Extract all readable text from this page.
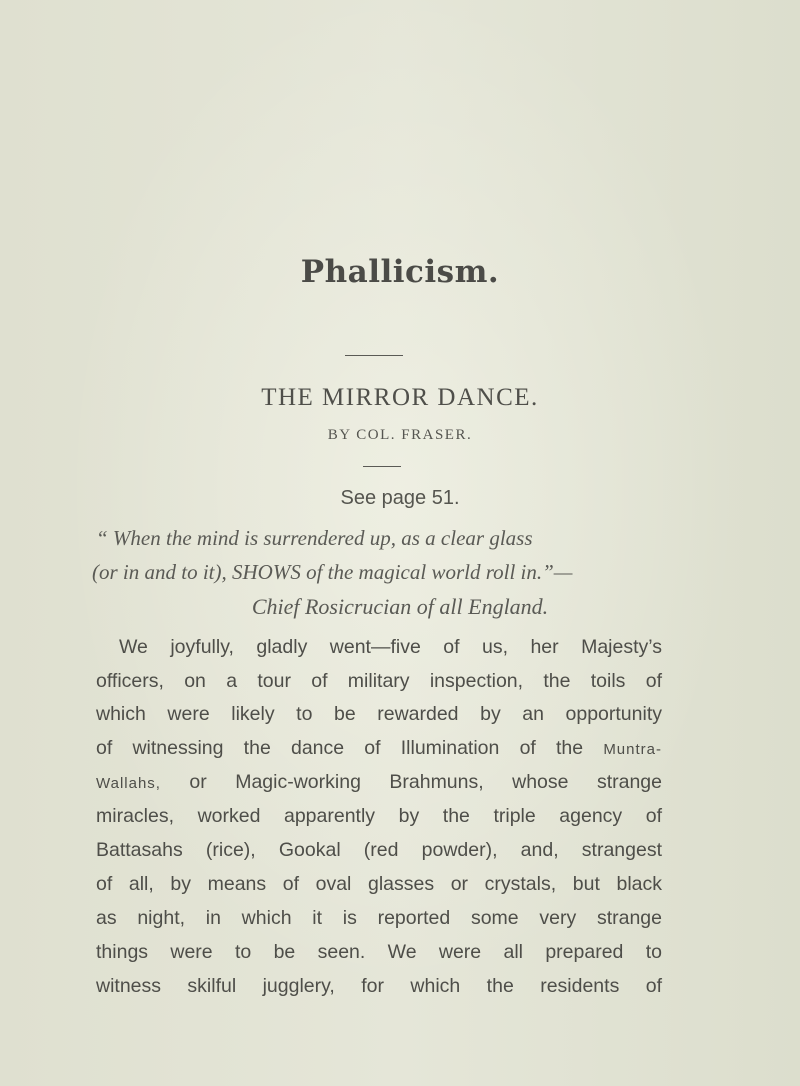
Phallicism.
THE MIRROR DANCE.
BY COL. FRASER.
See page 51.
“ When the mind is surrendered up, as a clear glass
(or in and to it), SHOWS of the magical world roll in.”—
Chief Rosicrucian of all England.
We joyfully, gladly went—five of us, her Majesty’s
officers, on a tour of military inspection, the toils of
which were likely to be rewarded by an opportunity
of witnessing the dance of Illumination of the Muntra-
Wallahs, or Magic-working Brahmuns, whose strange
miracles, worked apparently by the triple agency of
Battasahs (rice), Gookal (red powder), and, strangest
of all, by means of oval glasses or crystals, but black
as night, in which it is reported some very strange
things were to be seen. We were all prepared to
witness skilful jugglery, for which the residents of
